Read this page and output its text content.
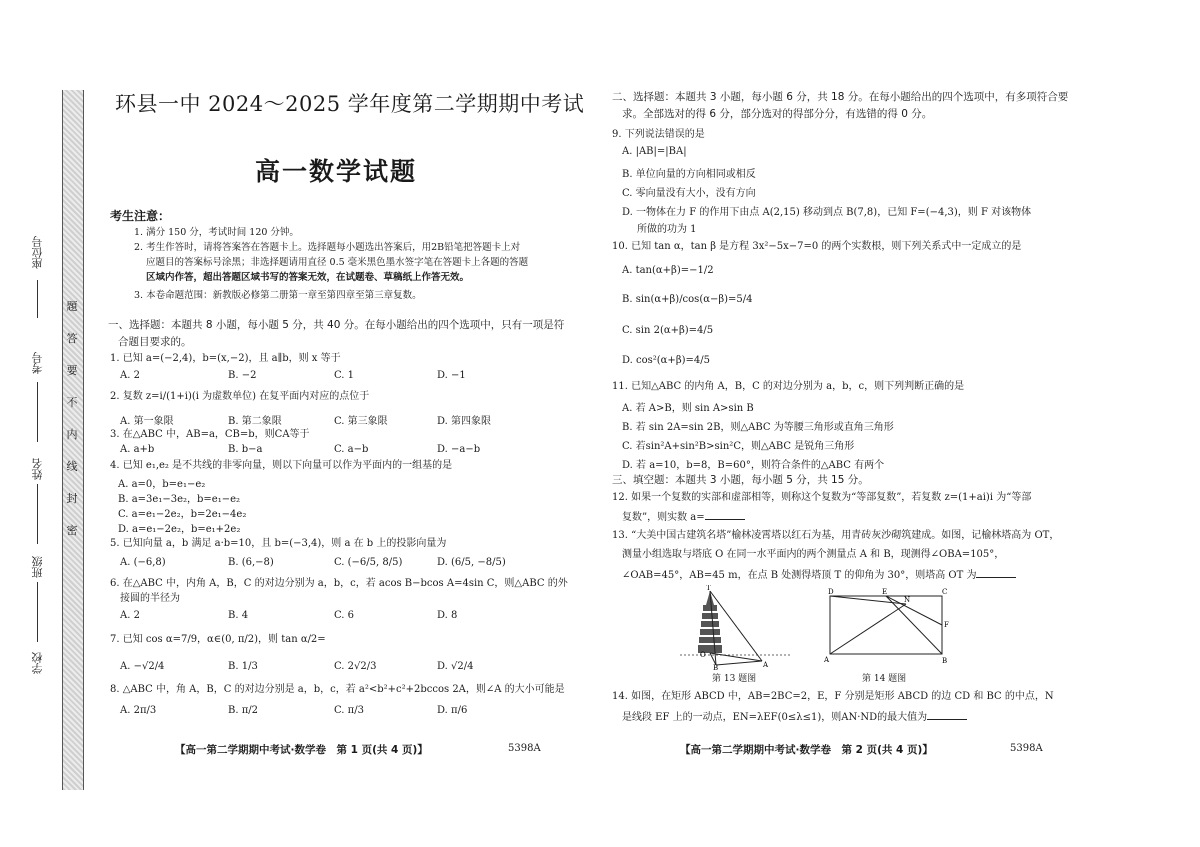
題
答
要
不
内
线
封
密
座位号
考号
姓名
班级
学校
环县一中 2024～2025 学年度第二学期期中考试
高一数学试题
考生注意：
1. 满分 150 分，考试时间 120 分钟。
2. 考生作答时，请将答案答在答题卡上。选择题每小题选出答案后，用2B铅笔把答题卡上对
应题目的答案标号涂黑；非选择题请用直径 0.5 毫米黑色墨水签字笔在答题卡上各题的答题
区域内作答，超出答题区域书写的答案无效，在试题卷、草稿纸上作答无效。
3. 本卷命题范围：新教版必修第二册第一章至第四章至第三章复数。
一、选择题：本题共 8 小题，每小题 5 分，共 40 分。在每小题给出的四个选项中，只有一项是符
合题目要求的。
1. 已知 a=(−2,4)，b=(x,−2)，且 a∥b，则 x 等于
A. 2	B. −2	C. 1	D. −1
2. 复数 z=i/(1+i)(i 为虚数单位) 在复平面内对应的点位于
A. 第一象限	B. 第二象限	C. 第三象限	D. 第四象限
3. 在△ABC 中，AB=a，CB=b，则CA等于
A. a+b	B. b−a	C. a−b	D. −a−b
4. 已知 e₁,e₂ 是不共线的非零向量，则以下向量可以作为平面内的一组基的是
A. a=0，b=e₁−e₂
B. a=3e₁−3e₂，b=e₁−e₂
C. a=e₁−2e₂，b=2e₁−4e₂
D. a=e₁−2e₂，b=e₁+2e₂
5. 已知向量 a，b 满足 a·b=10，且 b=(−3,4)，则 a 在 b 上的投影向量为
A. (−6,8)	B. (6,−8)	C. (−6/5, 8/5)	D. (6/5, −8/5)
6. 在△ABC 中，内角 A，B，C 的对边分别为 a，b，c，若 acos B−bcos A=4sin C，则△ABC 的外
接圆的半径为
A. 2	B. 4	C. 6	D. 8
7. 已知 cos α=7/9，α∈(0, π/2)，则 tan α/2=
A. −√2/4	B. 1/3	C. 2√2/3	D. √2/4
8. △ABC 中，角 A，B，C 的对边分别是 a，b，c，若 a²<b²+c²+2bccos 2A，则∠A 的大小可能是
A. 2π/3	B. π/2	C. π/3	D. π/6
【高一第二学期期中考试·数学卷　第 1 页(共 4 页)】	5398A
二、选择题：本题共 3 小题，每小题 6 分，共 18 分。在每小题给出的四个选项中，有多项符合要
求。全部选对的得 6 分，部分选对的得部分分，有选错的得 0 分。
9. 下列说法错误的是
A. |AB|=|BA|
B. 单位向量的方向相同或相反
C. 零向量没有大小，没有方向
D. 一物体在力 F 的作用下由点 A(2,15) 移动到点 B(7,8)，已知 F=(−4,3)，则 F 对该物体
所做的功为 1
10. 已知 tan α，tan β 是方程 3x²−5x−7=0 的两个实数根，则下列关系式中一定成立的是
A. tan(α+β)=−1/2
B. sin(α+β)/cos(α−β)=5/4
C. sin 2(α+β)=4/5
D. cos²(α+β)=4/5
11. 已知△ABC 的内角 A，B，C 的对边分别为 a，b，c，则下列判断正确的是
A. 若 A>B，则 sin A>sin B
B. 若 sin 2A=sin 2B，则△ABC 为等腰三角形或直角三角形
C. 若sin²A+sin²B>sin²C，则△ABC 是锐角三角形
D. 若 a=10，b=8，B=60°，则符合条件的△ABC 有两个
三、填空题：本题共 3 小题，每小题 5 分，共 15 分。
12. 如果一个复数的实部和虚部相等，则称这个复数为“等部复数”，若复数 z=(1+ai)i 为“等部
复数”，则实数 a=
13. “大美中国古建筑名塔”榆林凌霄塔以红石为基，用青砖灰沙砌筑建成。如图，记榆林塔高为 OT，
测量小组选取与塔底 O 在同一水平面内的两个测量点 A 和 B，现测得∠OBA=105°，
∠OAB=45°，AB=45 m，在点 B 处测得塔顶 T 的仰角为 30°，则塔高 OT 为
T
O
B	A
第 13 题图
D	E
N
C
F
A	B
第 14 题图
14. 如图，在矩形 ABCD 中，AB=2BC=2，E，F 分别是矩形 ABCD 的边 CD 和 BC 的中点，N
是线段 EF 上的一动点，EN=λEF(0≤λ≤1)，则AN·ND的最大值为
【高一第二学期期中考试·数学卷　第 2 页(共 4 页)】	5398A
